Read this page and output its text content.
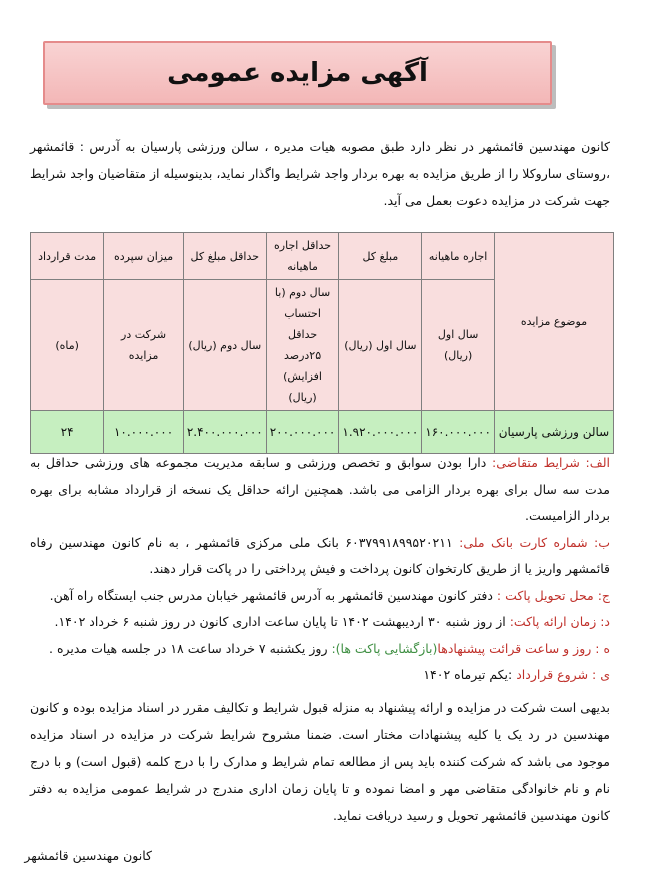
آگهی مزایده عمومی
کانون مهندسین قائمشهر در نظر دارد طبق مصوبه هیات مدیره ، سالن ورزشی پارسیان به آدرس : قائمشهر ،روستای ساروکلا را از طریق مزایده به بهره بردار واجد شرایط واگذار نماید، بدینوسیله از متقاضیان واجد شرایط جهت شرکت در مزایده دعوت بعمل می آید.
موضوع مزایده	اجاره ماهیانه	مبلغ کل	حداقل اجاره ماهیانه	حداقل مبلغ کل	میزان سپرده	مدت قرارداد
	سال اول (ریال)	سال اول (ریال)	سال دوم (با احتساب حداقل ۲۵درصد افزایش)(ریال)	سال دوم (ریال)	شرکت در مزایده	(ماه)
سالن ورزشی پارسیان	۱۶۰.۰۰۰.۰۰۰	۱.۹۲۰.۰۰۰.۰۰۰	۲۰۰.۰۰۰.۰۰۰	۲.۴۰۰.۰۰۰.۰۰۰	۱۰.۰۰۰.۰۰۰	۲۴

الف: شرایط متقاضی: دارا بودن سوابق و تخصص ورزشی و سابقه مدیریت مجموعه های ورزشی حداقل به مدت سه سال برای بهره بردار الزامی می باشد. همچنین ارائه حداقل یک نسخه از قرارداد مشابه برای بهره بردار الزامیست.

ب: شماره کارت بانک ملی: ۶۰۳۷۹۹۱۸۹۹۵۲۰۲۱۱ بانک ملی مرکزی قائمشهر ، به نام کانون مهندسین رفاه قائمشهر واریز یا از طریق کارتخوان کانون پرداخت و فیش پرداختی را در پاکت قرار دهند.

ج: محل تحویل پاکت : دفتر کانون مهندسین قائمشهر به آدرس قائمشهر خیابان مدرس جنب ایستگاه راه آهن.

د: زمان ارائه پاکت: از روز شنبه ۳۰ اردیبهشت ۱۴۰۲ تا پایان ساعت اداری کانون در روز شنبه ۶ خرداد ۱۴۰۲.

ه : روز و ساعت قرائت پیشنهادها(بازگشایی پاکت ها): روز یکشنبه ۷ خرداد ساعت ۱۸ در جلسه هیات مدیره .

ی : شروع قرارداد :یکم تیرماه ۱۴۰۲

بدیهی است شرکت در مزایده و ارائه پیشنهاد به منزله قبول شرایط و تکالیف مقرر در اسناد مزایده بوده و کانون مهندسین در رد یک یا کلیه پیشنهادات مختار است. ضمنا مشروح شرایط شرکت در مزایده در اسناد مزایده موجود می باشد که شرکت کننده باید پس از مطالعه تمام شرایط و مدارک را با درج کلمه (قبول است) و با درج نام و نام خانوادگی متقاضی مهر و امضا نموده و تا پایان زمان اداری مندرج در شرایط عمومی مزایده به دفتر کانون مهندسین قائمشهر تحویل و رسید دریافت نماید.
کانون مهندسین قائمشهر
